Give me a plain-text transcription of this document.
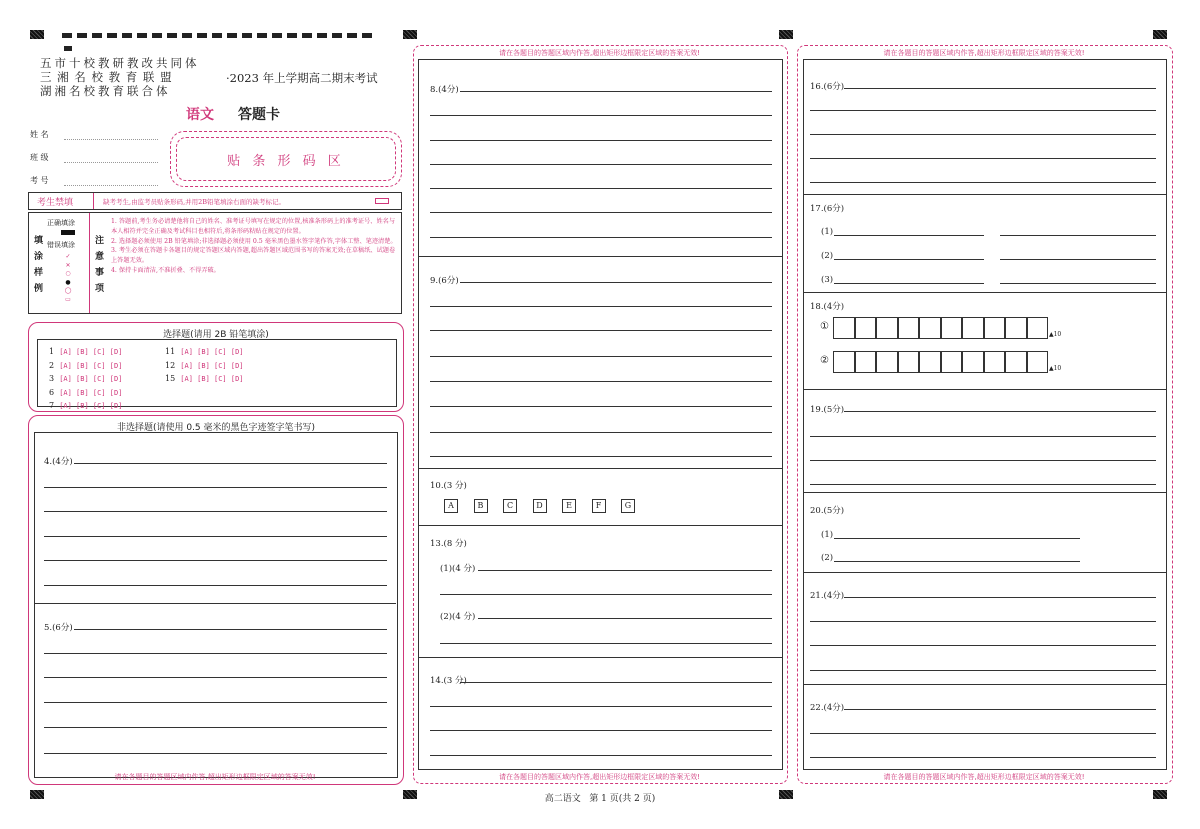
五市十校教研教改共同体
三 湘 名 校 教 育 联 盟
湖湘名校教育联合体
·2023 年上学期高二期末考试
语文 答题卡
姓 名
班 级
考 号
贴 条 形 码 区
考生禁填	缺考考生,由监考员贴条形码,并用2B铅笔填涂右面的缺考标记。
填 涂 样 例
正确填涂
错误填涂
✓
✕
○
●
◯
▭
注 意 事 项
1. 答题前,考生务必请楚他将自己的姓名、准考证号填写在规定的位置,核准条形码上的准考证号、姓名与本人相符并完全正确及考试科目也相符后,将条形码粘贴在规定的位置。
2. 选择题必须使用 2B 铅笔填涂;非选择题必须使用 0.5 毫米黑色墨水签字笔作答,字体工整、笔迹清楚。
3. 考生必须在答题卡各题目的规定答题区域内答题,超出答题区域范围书写的答案无效;在草稿纸、试题卷上答题无效。
4. 保持卡面清洁,不准折叠、不得弄破。
选择题(请用 2B 铅笔填涂)
1 [A] [B] [C] [D]
2 [A] [B] [C] [D]
3 [A] [B] [C] [D]
6 [A] [B] [C] [D]
7 [A] [B] [C] [D]
11 [A] [B] [C] [D]
12 [A] [B] [C] [D]
15 [A] [B] [C] [D]
非选择题(请使用 0.5 毫米的黑色字迹签字笔书写)
4.(4分)
5.(6分)
请在各题目的答题区域内作答,超出矩形边框限定区域的答案无效!
请在各题目的答题区域内作答,超出矩形边框限定区域的答案无效!
请在各题目的答题区域内作答,超出矩形边框限定区域的答案无效!
8.(4分)
9.(6分)
10.(3 分)
13.(8 分)
(1)(4 分)
(2)(4 分)
14.(3 分)
请在各题目的答题区域内作答,超出矩形边框限定区域的答案无效!
请在各题目的答题区域内作答,超出矩形边框限定区域的答案无效!
16.(6分)
17.(6分)
18.(4分)
19.(5分)
20.(5分)
(1)
(2)
21.(4分)
22.(4分)
高二语文   第 1 页(共 2 页)
A	B	C	D	E	F	G
(1)
(2)
(3)
①
▲10
②
▲10
